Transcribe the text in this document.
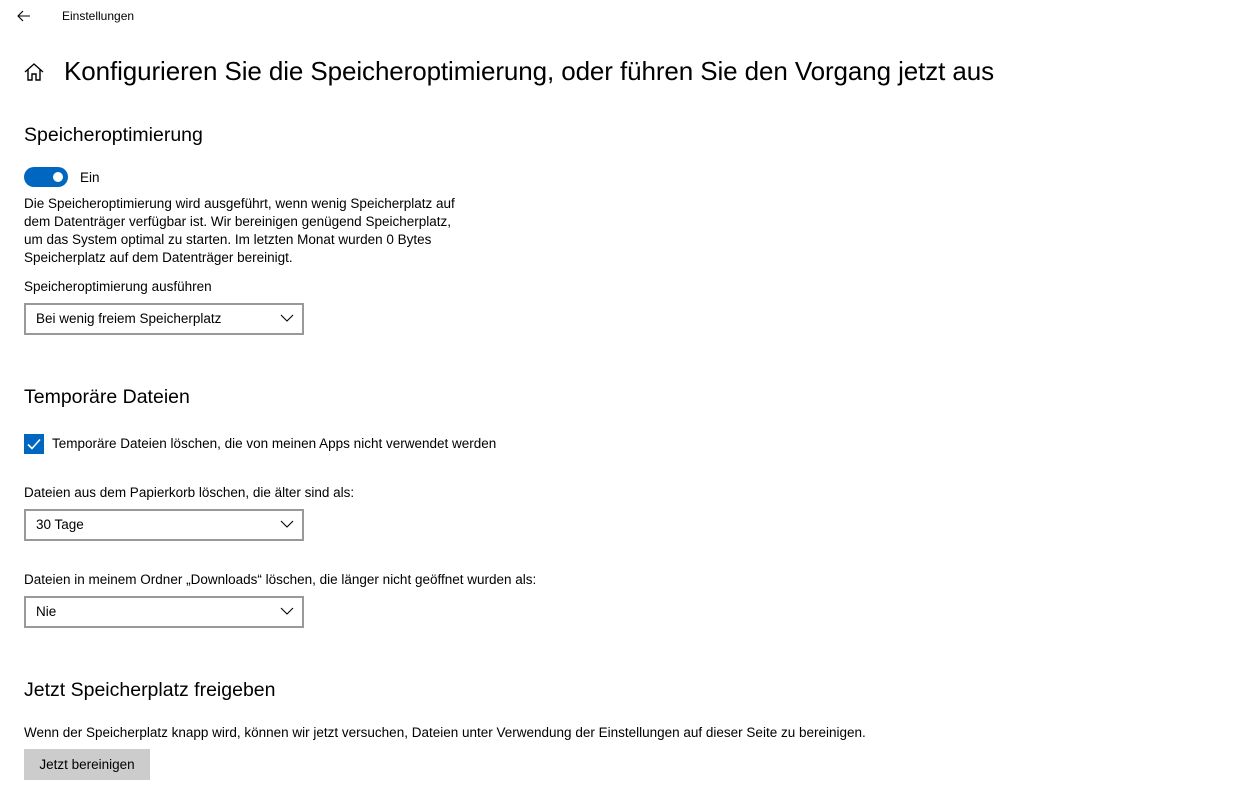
Einstellungen
Konfigurieren Sie die Speicheroptimierung, oder führen Sie den Vorgang jetzt aus
Speicheroptimierung
Ein
Die Speicheroptimierung wird ausgeführt, wenn wenig Speicherplatz auf
dem Datenträger verfügbar ist. Wir bereinigen genügend Speicherplatz,
um das System optimal zu starten. Im letzten Monat wurden 0 Bytes
Speicherplatz auf dem Datenträger bereinigt.
Speicheroptimierung ausführen
Bei wenig freiem Speicherplatz
Temporäre Dateien
Temporäre Dateien löschen, die von meinen Apps nicht verwendet werden
Dateien aus dem Papierkorb löschen, die älter sind als:
30 Tage
Dateien in meinem Ordner „Downloads“ löschen, die länger nicht geöffnet wurden als:
Nie
Jetzt Speicherplatz freigeben
Wenn der Speicherplatz knapp wird, können wir jetzt versuchen, Dateien unter Verwendung der Einstellungen auf dieser Seite zu bereinigen.
Jetzt bereinigen
